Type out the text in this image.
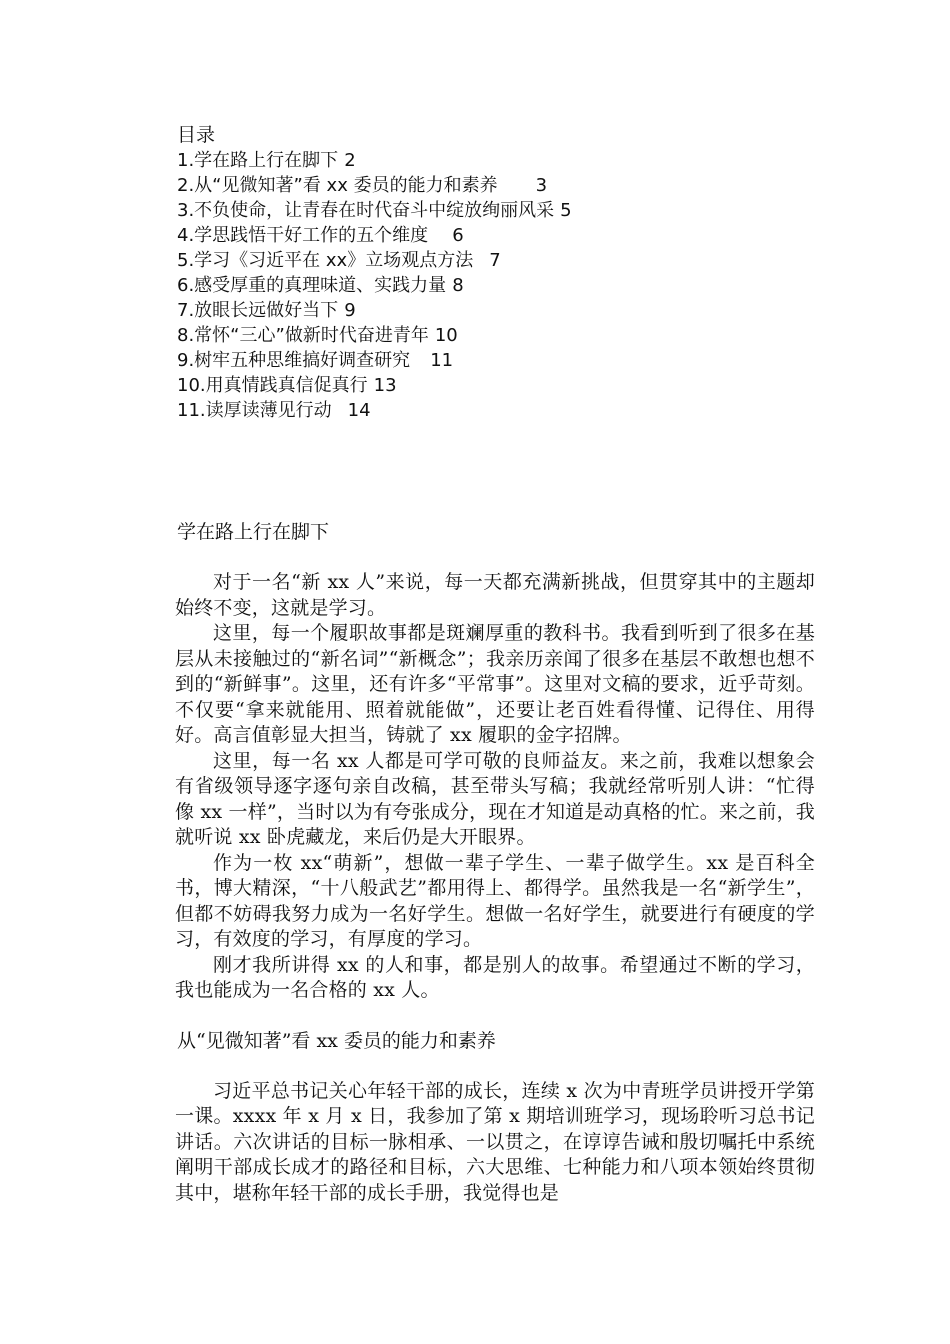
目录
1.学在路上行在脚下 2
2.从“见微知著”看 xx 委员的能力和素养 3
3.不负使命，让青春在时代奋斗中绽放绚丽风采 5
4.学思践悟干好工作的五个维度 6
5.学习《习近平在 xx》立场观点方法 7
6.感受厚重的真理味道、实践力量 8
7.放眼长远做好当下 9
8.常怀“三心”做新时代奋进青年 10
9.树牢五种思维搞好调查研究 11
10.用真情践真信促真行 13
11.读厚读薄见行动 14
学在路上行在脚下

对于一名“新 xx 人”来说，每一天都充满新挑战，但贯穿其中的主题却始终不变，这就是学习。

这里，每一个履职故事都是斑斓厚重的教科书。我看到听到了很多在基层从未接触过的“新名词”“新概念”；我亲历亲闻了很多在基层不敢想也想不到的“新鲜事”。这里，还有许多“平常事”。这里对文稿的要求，近乎苛刻。不仅要“拿来就能用、照着就能做”，还要让老百姓看得懂、记得住、用得好。高言值彰显大担当，铸就了 xx 履职的金字招牌。

这里，每一名 xx 人都是可学可敬的良师益友。来之前，我难以想象会有省级领导逐字逐句亲自改稿，甚至带头写稿；我就经常听别人讲：“忙得像 xx 一样”，当时以为有夸张成分，现在才知道是动真格的忙。来之前，我就听说 xx 卧虎藏龙，来后仍是大开眼界。

作为一枚 xx“萌新”，想做一辈子学生、一辈子做学生。xx 是百科全书，博大精深，“十八般武艺”都用得上、都得学。虽然我是一名“新学生”，但都不妨碍我努力成为一名好学生。想做一名好学生，就要进行有硬度的学习，有效度的学习，有厚度的学习。

刚才我所讲得 xx 的人和事，都是别人的故事。希望通过不断的学习，我也能成为一名合格的 xx 人。

从“见微知著”看 xx 委员的能力和素养

习近平总书记关心年轻干部的成长，连续 x 次为中青班学员讲授开学第一课。xxxx 年 x 月 x 日，我参加了第 x 期培训班学习，现场聆听习总书记讲话。六次讲话的目标一脉相承、一以贯之，在谆谆告诫和殷切嘱托中系统阐明干部成长成才的路径和目标，六大思维、七种能力和八项本领始终贯彻其中，堪称年轻干部的成长手册，我觉得也是
